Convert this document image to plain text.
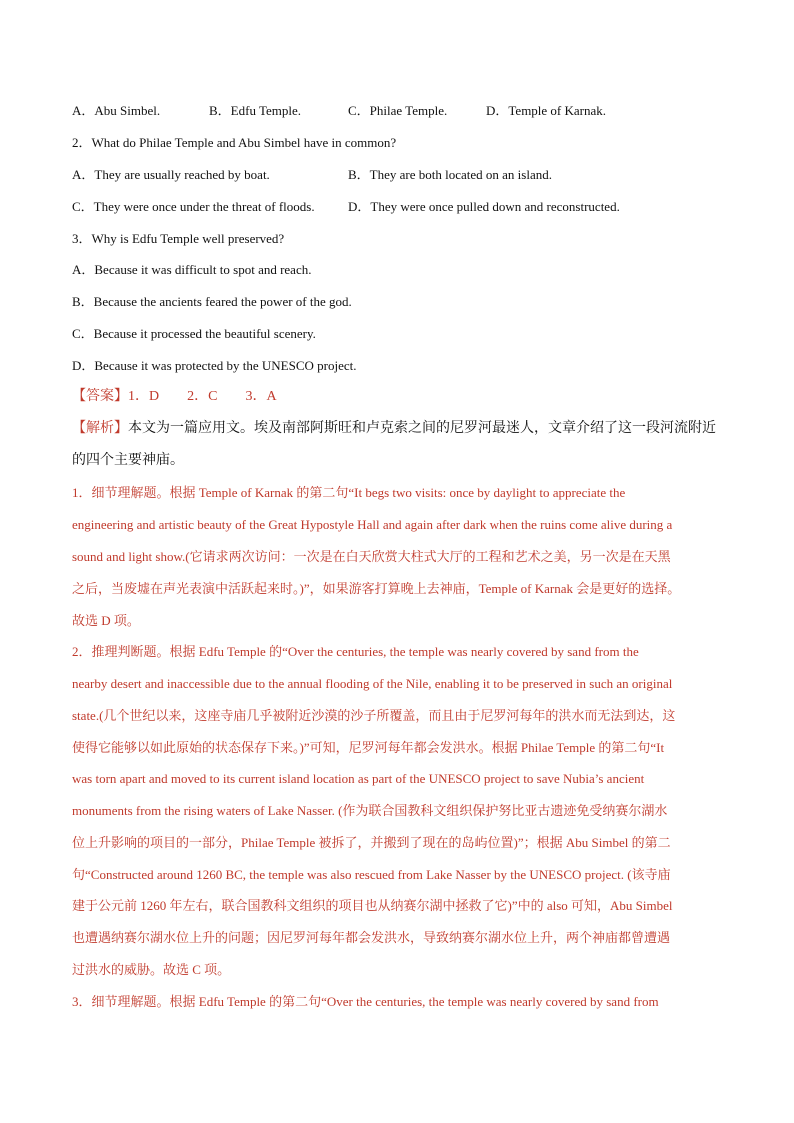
A．Abu Simbel.	B．Edfu Temple.	C．Philae Temple.	D．Temple of Karnak.
2．What do Philae Temple and Abu Simbel have in common?
A．They are usually reached by boat.	B．They are both located on an island.
C．They were once under the threat of floods.	D．They were once pulled down and reconstructed.
3．Why is Edfu Temple well preserved?
A．Because it was difficult to spot and reach.
B．Because the ancients feared the power of the god.
C．Because it processed the beautiful scenery.
D．Because it was protected by the UNESCO project.
【答案】1．D　　2．C　　3．A
【解析】本文为一篇应用文。埃及南部阿斯旺和卢克索之间的尼罗河最迷人，文章介绍了这一段河流附近
的四个主要神庙。
1．细节理解题。根据 Temple of Karnak 的第二句“It begs two visits: once by daylight to appreciate the
engineering and artistic beauty of the Great Hypostyle Hall and again after dark when the ruins come alive during a
sound and light show.(它请求两次访问：一次是在白天欣赏大柱式大厅的工程和艺术之美，另一次是在天黑
之后，当废墟在声光表演中活跃起来时。)”，如果游客打算晚上去神庙，Temple of Karnak 会是更好的选择。
故选 D 项。
2．推理判断题。根据 Edfu Temple 的“Over the centuries, the temple was nearly covered by sand from the
nearby desert and inaccessible due to the annual flooding of the Nile, enabling it to be preserved in such an original
state.(几个世纪以来，这座寺庙几乎被附近沙漠的沙子所覆盖，而且由于尼罗河每年的洪水而无法到达，这
使得它能够以如此原始的状态保存下来。)”可知，尼罗河每年都会发洪水。根据 Philae Temple 的第二句“It
was torn apart and moved to its current island location as part of the UNESCO project to save Nubia’s ancient
monuments from the rising waters of Lake Nasser. (作为联合国教科文组织保护努比亚古遗迹免受纳赛尔湖水
位上升影响的项目的一部分，Philae Temple 被拆了，并搬到了现在的岛屿位置)”；根据 Abu Simbel 的第二
句“Constructed around 1260 BC, the temple was also rescued from Lake Nasser by the UNESCO project. (该寺庙
建于公元前 1260 年左右，联合国教科文组织的项目也从纳赛尔湖中拯救了它)”中的 also 可知，Abu Simbel
也遭遇纳赛尔湖水位上升的问题；因尼罗河每年都会发洪水，导致纳赛尔湖水位上升，两个神庙都曾遭遇
过洪水的威胁。故选 C 项。
3．细节理解题。根据 Edfu Temple 的第二句“Over the centuries, the temple was nearly covered by sand from
